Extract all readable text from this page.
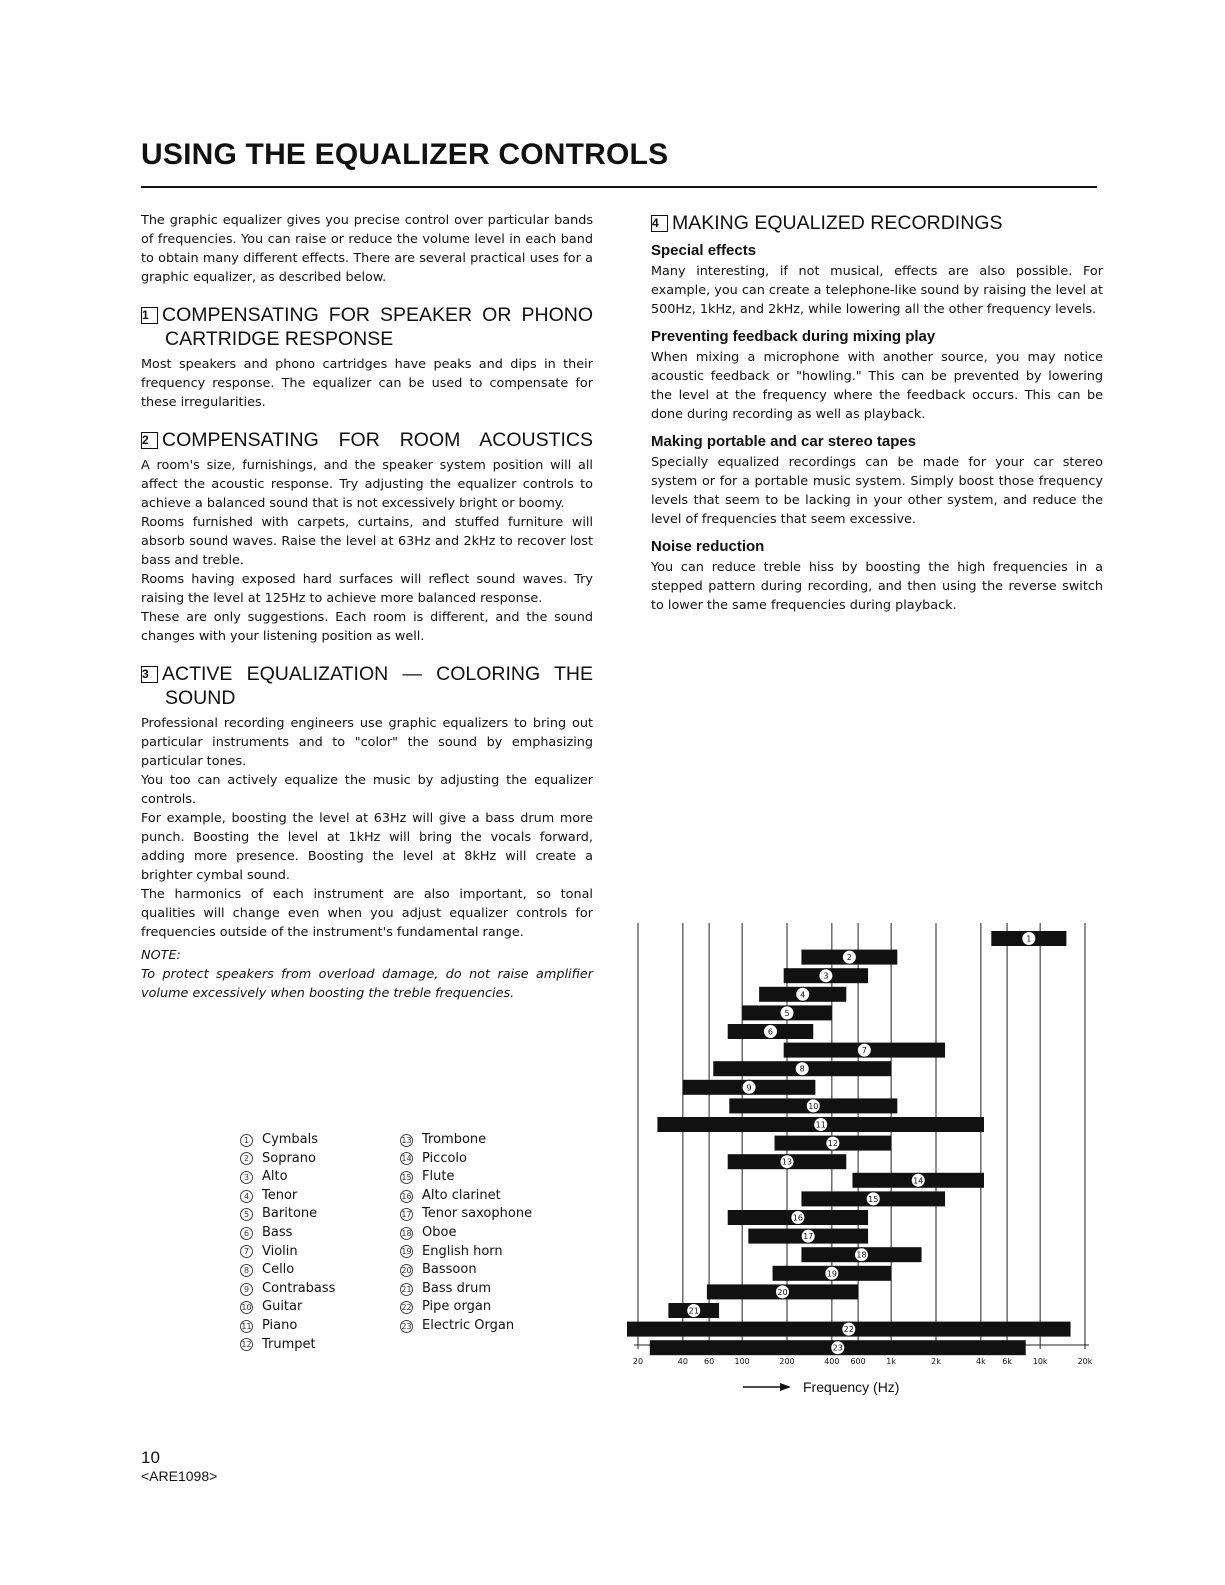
USING THE EQUALIZER CONTROLS

The graphic equalizer gives you precise control over particular bands of frequencies. You can raise or reduce the volume level in each band to obtain many different effects. There are several practical uses for a graphic equalizer, as described below.

1 COMPENSATING FOR SPEAKER OR PHONO
CARTRIDGE RESPONSE

Most speakers and phono cartridges have peaks and dips in their frequency response. The equalizer can be used to compensate for these irregularities.

2 COMPENSATING FOR ROOM ACOUSTICS

A room's size, furnishings, and the speaker system position will all affect the acoustic response. Try adjusting the equalizer controls to achieve a balanced sound that is not excessively bright or boomy.

Rooms furnished with carpets, curtains, and stuffed furniture will absorb sound waves. Raise the level at 63Hz and 2kHz to recover lost bass and treble.

Rooms having exposed hard surfaces will reflect sound waves. Try raising the level at 125Hz to achieve more balanced response.

These are only suggestions. Each room is different, and the sound changes with your listening position as well.

3 ACTIVE EQUALIZATION — COLORING THE
SOUND

Professional recording engineers use graphic equalizers to bring out particular instruments and to "color" the sound by emphasizing particular tones.

You too can actively equalize the music by adjusting the equalizer controls.

For example, boosting the level at 63Hz will give a bass drum more punch. Boosting the level at 1kHz will bring the vocals forward, adding more presence. Boosting the level at 8kHz will create a brighter cymbal sound.

The harmonics of each instrument are also important, so tonal qualities will change even when you adjust equalizer controls for frequencies outside of the instrument's fundamental range.

NOTE:

To protect speakers from overload damage, do not raise amplifier volume excessively when boosting the treble frequencies.

4 MAKING EQUALIZED RECORDINGS
Special effects

Many interesting, if not musical, effects are also possible. For example, you can create a telephone-like sound by raising the level at 500Hz, 1kHz, and 2kHz, while lowering all the other frequency levels.

Preventing feedback during mixing play

When mixing a microphone with another source, you may notice acoustic feedback or "howling." This can be prevented by lowering the level at the frequency where the feedback occurs. This can be done during recording as well as playback.

Making portable and car stereo tapes

Specially equalized recordings can be made for your car stereo system or for a portable music system. Simply boost those frequency levels that seem to be lacking in your other system, and reduce the level of frequencies that seem excessive.

Noise reduction

You can reduce treble hiss by boosting the high frequencies in a stepped pattern during recording, and then using the reverse switch to lower the same frequencies during playback.

1 Cymbals
2 Soprano
3 Alto
4 Tenor
5 Baritone
6 Bass
7 Violin
8 Cello
9 Contrabass
10 Guitar
11 Piano
12 Trumpet
13 Trombone
14 Piccolo
15 Flute
16 Alto clarinet
17 Tenor saxophone
18 Oboe
19 English horn
20 Bassoon
21 Bass drum
22 Pipe organ
23 Electric Organ
20	40 60	100	200	400 600	1k	2k	4k 6k	10k	20k
1
2
3
4
5
6
7
8
9
10
11
12
13
14
15
16
17
18
19
20
21
22
23
Frequency (Hz)
10
<ARE1098>
